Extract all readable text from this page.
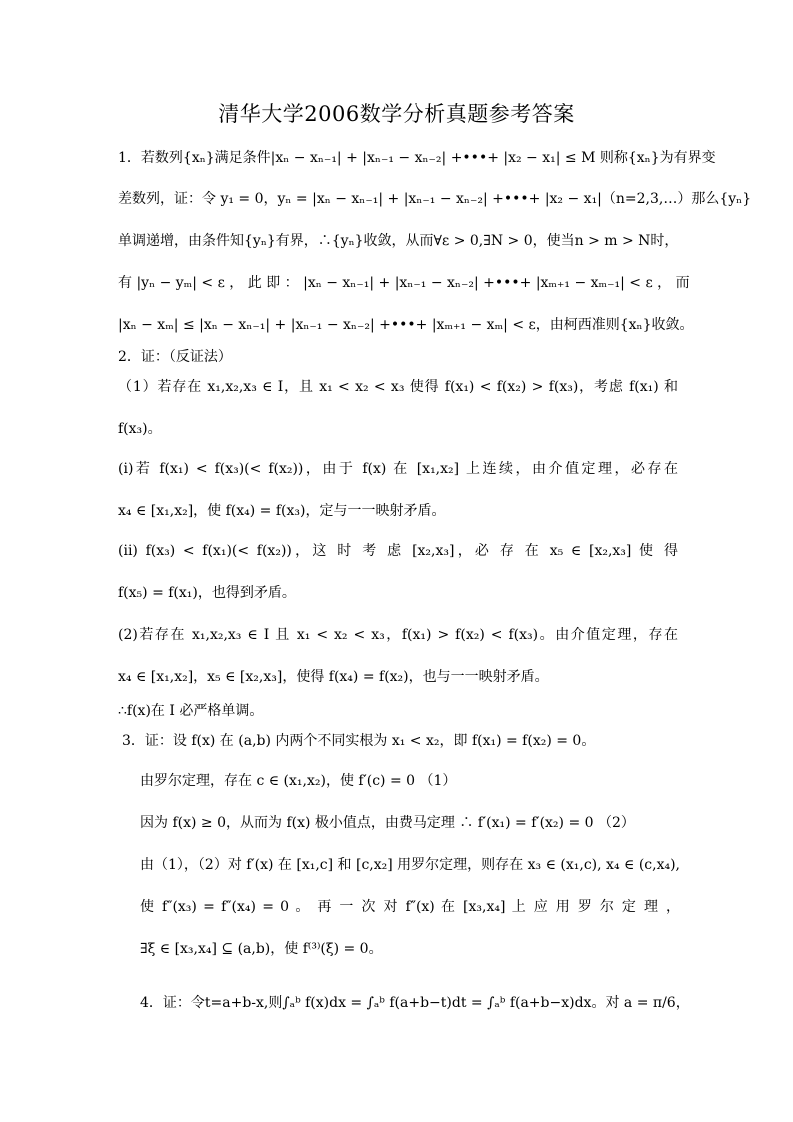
清华大学2006数学分析真题参考答案
1．若数列{xₙ}满足条件|xₙ − xₙ₋₁| + |xₙ₋₁ − xₙ₋₂| +•••+ |x₂ − x₁| ≤ M 则称{xₙ}为有界变
差数列，证：令 y₁ = 0，yₙ = |xₙ − xₙ₋₁| + |xₙ₋₁ − xₙ₋₂| +•••+ |x₂ − x₁|（n=2,3,…）那么{yₙ}
单调递增，由条件知{yₙ}有界，∴{yₙ}收敛，从而∀ε > 0,∃N > 0，使当n > m > N时，
有 |yₙ − yₘ| < ε ， 此 即 ： |xₙ − xₙ₋₁| + |xₙ₋₁ − xₙ₋₂| +•••+ |xₘ₊₁ − xₘ₋₁| < ε ， 而
|xₙ − xₘ| ≤ |xₙ − xₙ₋₁| + |xₙ₋₁ − xₙ₋₂| +•••+ |xₘ₊₁ − xₘ| < ε，由柯西准则{xₙ}收敛。
2．证：（反证法）
（1）若存在 x₁,x₂,x₃ ∈ I，且 x₁ < x₂ < x₃ 使得 f(x₁) < f(x₂) > f(x₃)，考虑 f(x₁) 和
f(x₃)。
(i)若 f(x₁) < f(x₃)(< f(x₂))，由于 f(x) 在 [x₁,x₂] 上连续，由介值定理，必存在
x₄ ∈ [x₁,x₂]，使 f(x₄) = f(x₃)，定与一一映射矛盾。
(ii) f(x₃) < f(x₁)(< f(x₂))，这 时 考 虑 [x₂,x₃]，必 存 在 x₅ ∈ [x₂,x₃] 使 得
f(x₅) = f(x₁)，也得到矛盾。
(2)若存在 x₁,x₂,x₃ ∈ I 且 x₁ < x₂ < x₃，f(x₁) > f(x₂) < f(x₃)。由介值定理，存在
x₄ ∈ [x₁,x₂]，x₅ ∈ [x₂,x₃]，使得 f(x₄) = f(x₂)，也与一一映射矛盾。
∴f(x)在 I 必严格单调。
3．证：设 f(x) 在 (a,b) 内两个不同实根为 x₁ < x₂，即 f(x₁) = f(x₂) = 0。
由罗尔定理，存在 c ∈ (x₁,x₂)，使 f′(c) = 0 （1）
因为 f(x) ≥ 0，从而为 f(x) 极小值点，由费马定理 ∴ f′(x₁) = f′(x₂) = 0 （2）
由（1），（2）对 f′(x) 在 [x₁,c] 和 [c,x₂] 用罗尔定理，则存在 x₃ ∈ (x₁,c), x₄ ∈ (c,x₄),
使 f″(x₃) = f″(x₄) = 0 。 再 一 次 对 f″(x) 在 [x₃,x₄] 上 应 用 罗 尔 定 理 ，
∃ξ ∈ [x₃,x₄] ⊆ (a,b)，使 f⁽³⁾(ξ) = 0。
4．证：令t=a+b-x,则∫ₐᵇ f(x)dx = ∫ₐᵇ f(a+b−t)dt = ∫ₐᵇ f(a+b−x)dx。对 a = π/6，
